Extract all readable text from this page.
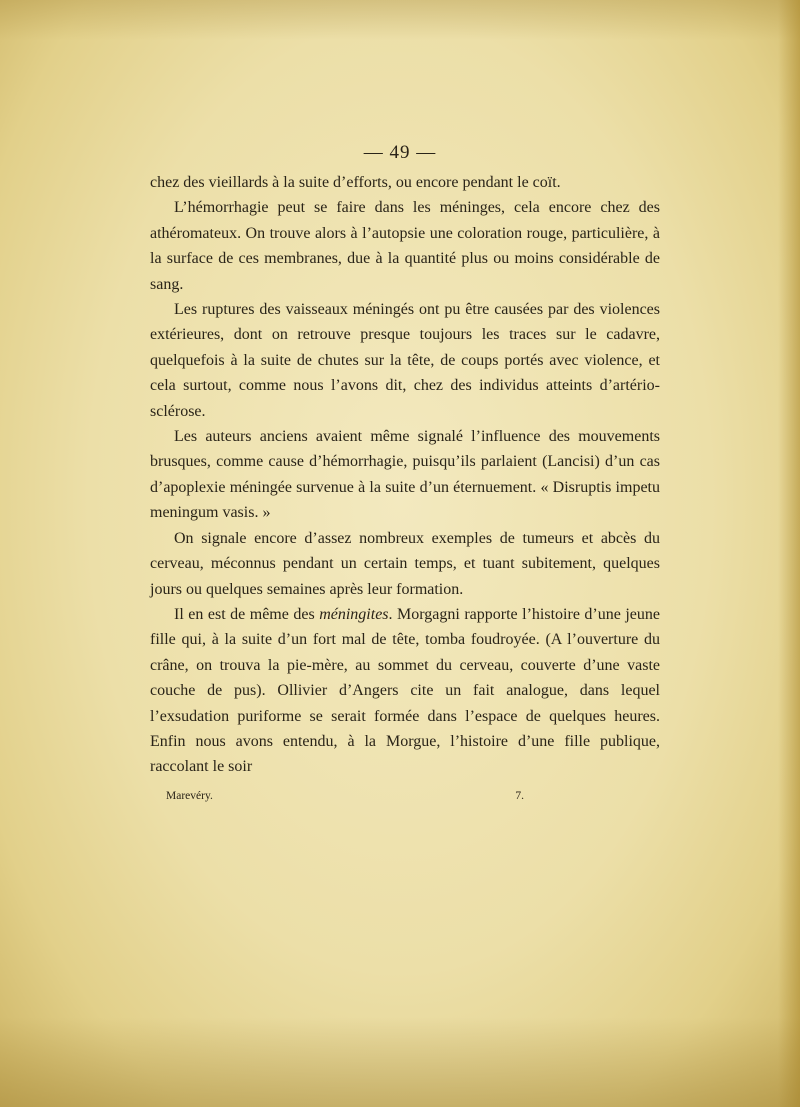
— 49 —

chez des vieillards à la suite d’efforts, ou encore pendant le coït.

L’hémorrhagie peut se faire dans les méninges, cela encore chez des athéromateux. On trouve alors à l’autopsie une coloration rouge, particulière, à la surface de ces membranes, due à la quantité plus ou moins considérable de sang.

Les ruptures des vaisseaux méningés ont pu être causées par des violences extérieures, dont on retrouve presque toujours les traces sur le cadavre, quelquefois à la suite de chutes sur la tête, de coups portés avec violence, et cela surtout, comme nous l’avons dit, chez des individus atteints d’artério-sclérose.

Les auteurs anciens avaient même signalé l’influence des mouvements brusques, comme cause d’hémorrhagie, puisqu’ils parlaient (Lancisi) d’un cas d’apoplexie méningée survenue à la suite d’un éternuement. « Disruptis impetu meningum vasis. »

On signale encore d’assez nombreux exemples de tumeurs et abcès du cerveau, méconnus pendant un certain temps, et tuant subitement, quelques jours ou quelques semaines après leur formation.

Il en est de même des méningites. Morgagni rapporte l’histoire d’une jeune fille qui, à la suite d’un fort mal de tête, tomba foudroyée. (A l’ouverture du crâne, on trouva la pie-mère, au sommet du cerveau, couverte d’une vaste couche de pus). Ollivier d’Angers cite un fait analogue, dans lequel l’exsudation puriforme se serait formée dans l’espace de quelques heures. Enfin nous avons entendu, à la Morgue, l’histoire d’une fille publique, raccolant le soir

Marevéry.	7.
